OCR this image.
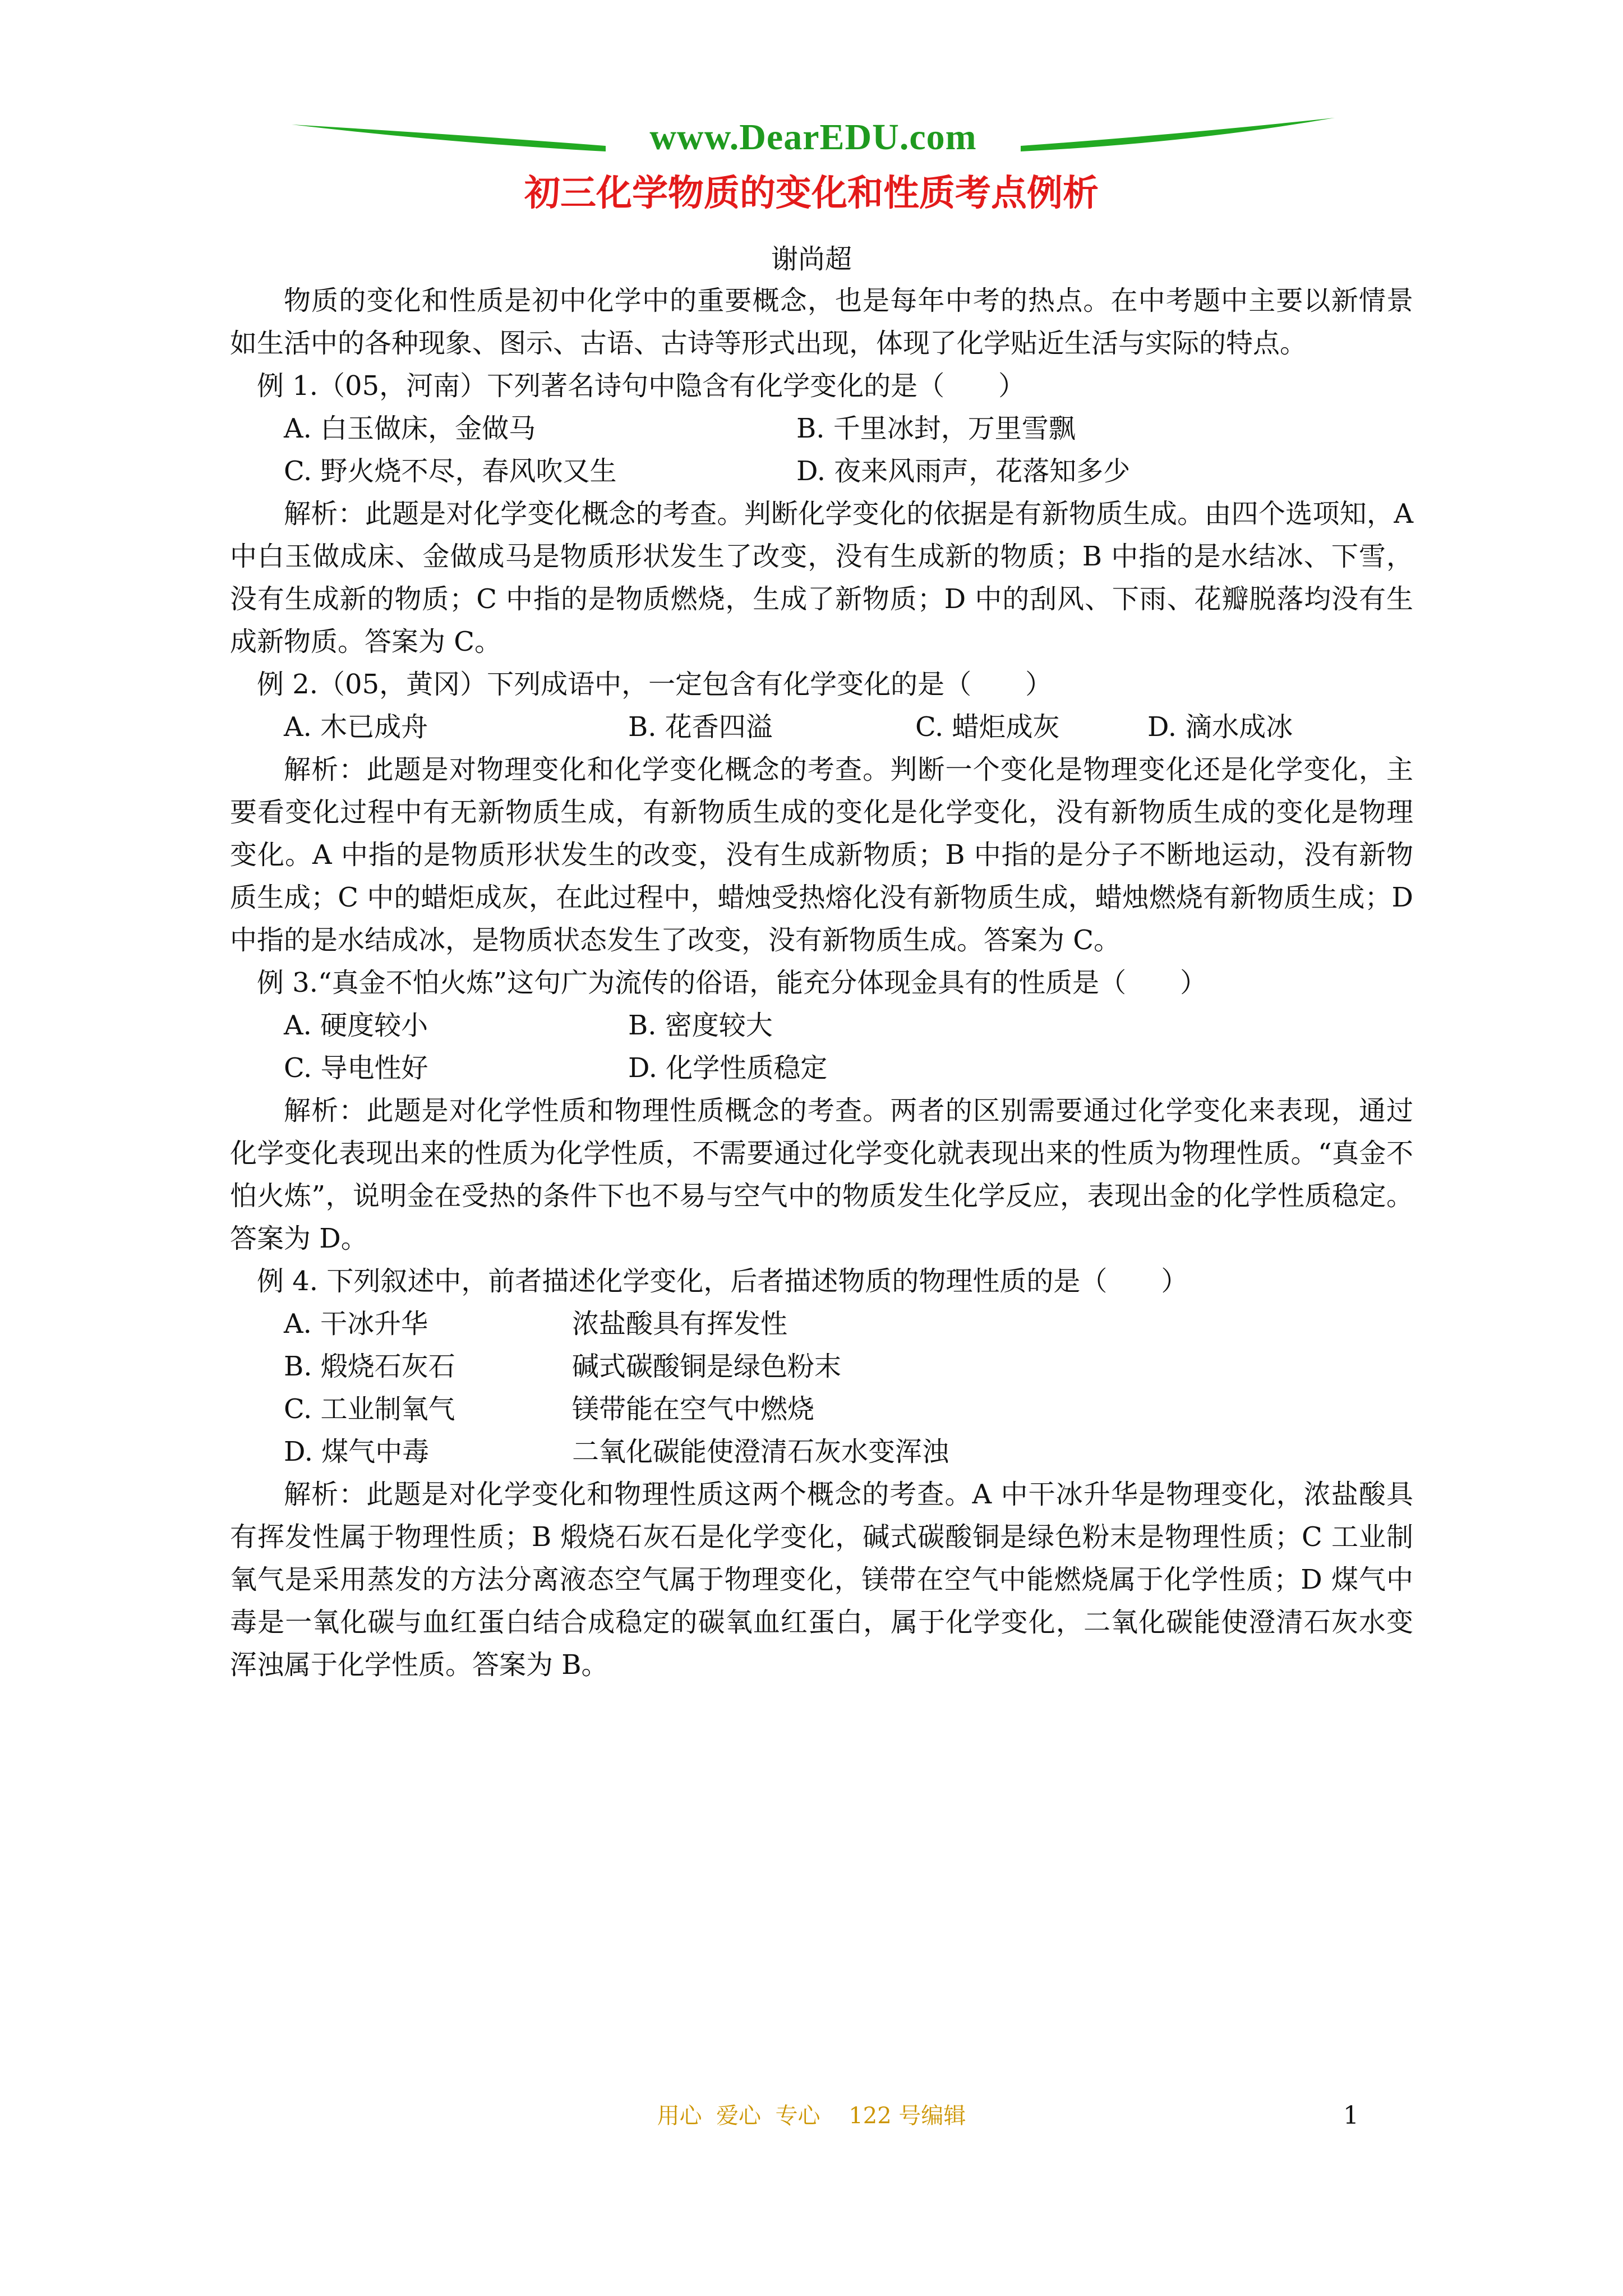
www.DearEDU.com
初三化学物质的变化和性质考点例析
谢尚超

物质的变化和性质是初中化学中的重要概念，也是每年中考的热点。在中考题中主要以新情景如生活中的各种现象、图示、古语、古诗等形式出现，体现了化学贴近生活与实际的特点。

例 1.（05，河南）下列著名诗句中隐含有化学变化的是（　　）

A. 白玉做床，金做马	B. 千里冰封，万里雪飘
C. 野火烧不尽，春风吹又生	D. 夜来风雨声，花落知多少

解析：此题是对化学变化概念的考查。判断化学变化的依据是有新物质生成。由四个选项知，A 中白玉做成床、金做成马是物质形状发生了改变，没有生成新的物质；B 中指的是水结冰、下雪，没有生成新的物质；C 中指的是物质燃烧，生成了新物质；D 中的刮风、下雨、花瓣脱落均没有生成新物质。答案为 C。

例 2.（05，黄冈）下列成语中，一定包含有化学变化的是（　　）

A. 木已成舟	B. 花香四溢	C. 蜡炬成灰	D. 滴水成冰

解析：此题是对物理变化和化学变化概念的考查。判断一个变化是物理变化还是化学变化，主要看变化过程中有无新物质生成，有新物质生成的变化是化学变化，没有新物质生成的变化是物理变化。A 中指的是物质形状发生的改变，没有生成新物质；B 中指的是分子不断地运动，没有新物质生成；C 中的蜡炬成灰，在此过程中，蜡烛受热熔化没有新物质生成，蜡烛燃烧有新物质生成；D 中指的是水结成冰，是物质状态发生了改变，没有新物质生成。答案为 C。

例 3.“真金不怕火炼”这句广为流传的俗语，能充分体现金具有的性质是（　　）

A. 硬度较小	B. 密度较大
C. 导电性好	D. 化学性质稳定

解析：此题是对化学性质和物理性质概念的考查。两者的区别需要通过化学变化来表现，通过化学变化表现出来的性质为化学性质，不需要通过化学变化就表现出来的性质为物理性质。“真金不怕火炼”，说明金在受热的条件下也不易与空气中的物质发生化学反应，表现出金的化学性质稳定。答案为 D。

例 4. 下列叙述中，前者描述化学变化，后者描述物质的物理性质的是（　　）

A. 干冰升华	浓盐酸具有挥发性
B. 煅烧石灰石	碱式碳酸铜是绿色粉末
C. 工业制氧气	镁带能在空气中燃烧
D. 煤气中毒	二氧化碳能使澄清石灰水变浑浊

解析：此题是对化学变化和物理性质这两个概念的考查。A 中干冰升华是物理变化，浓盐酸具有挥发性属于物理性质；B 煅烧石灰石是化学变化，碱式碳酸铜是绿色粉末是物理性质；C 工业制氧气是采用蒸发的方法分离液态空气属于物理变化，镁带在空气中能燃烧属于化学性质；D 煤气中毒是一氧化碳与血红蛋白结合成稳定的碳氧血红蛋白，属于化学变化，二氧化碳能使澄清石灰水变浑浊属于化学性质。答案为 B。

用心  爱心  专心    122 号编辑	1
